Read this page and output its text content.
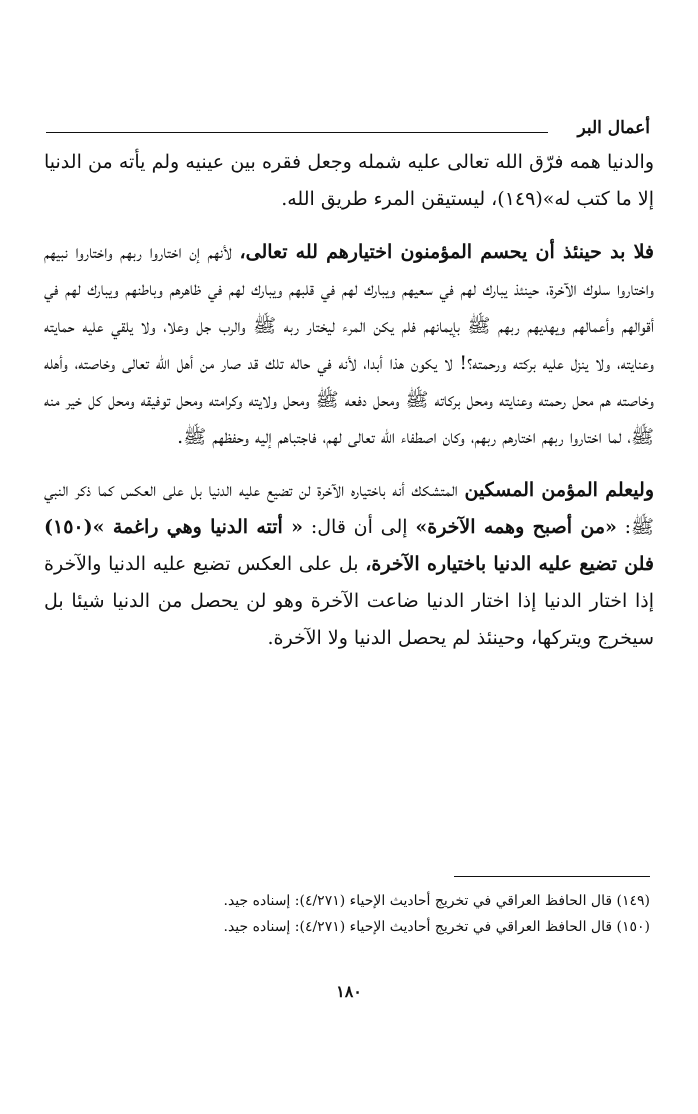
أعمال البر

والدنيا همه فرّق الله تعالى عليه شمله وجعل فقره بين عينيه ولم يأته من الدنيا إلا ما كتب له»(١٤٩)، ليستيقن المرء طريق الله.

فلا بد حينئذ أن يحسم المؤمنون اختيارهم لله تعالى، لأنهم إن اختاروا ربهم واختاروا نبيهم واختاروا سلوك الآخرة، حينئذ يبارك لهم في سعيهم ويبارك لهم في قلبهم ويبارك لهم في ظاهرهم وباطنهم ويبارك لهم في أقوالهم وأعمالهم ويهديهم ربهم ﷺ بإيمانهم فلم يكن المرء ليختار ربه ﷺ والرب جل وعلا، ولا يلقي عليه حمايته وعنايته، ولا ينزل عليه بركته ورحمته؟! لا يكون هذا أبدا، لأنه في حاله تلك قد صار من أهل الله تعالى وخاصته، وأهله وخاصته هم محل رحمته وعنايته ومحل بركاته ﷺ ومحل دفعه ﷺ ومحل ولايته وكرامته ومحل توفيقه ومحل كل خير منه ﷺ، لما اختاروا ربهم اختارهم ربهم، وكان اصطفاء الله تعالى لهم، فاجتباهم إليه وحفظهم ﷺ.

وليعلم المؤمن المسكين المتشكك أنه باختياره الآخرة لن تضيع عليه الدنيا بل على العكس كما ذكر النبي ﷺ: «من أصبح وهمه الآخرة» إلى أن قال: « أتته الدنيا وهي راغمة »(١٥٠) فلن تضيع عليه الدنيا باختياره الآخرة، بل على العكس تضيع عليه الدنيا والآخرة إذا اختار الدنيا إذا اختار الدنيا ضاعت الآخرة وهو لن يحصل من الدنيا شيئا بل سيخرج ويتركها، وحينئذ لم يحصل الدنيا ولا الآخرة.

(١٤٩) قال الحافظ العراقي في تخريج أحاديث الإحياء (٤/٢٧١): إسناده جيد.
(١٥٠) قال الحافظ العراقي في تخريج أحاديث الإحياء (٤/٢٧١): إسناده جيد.
١٨٠
